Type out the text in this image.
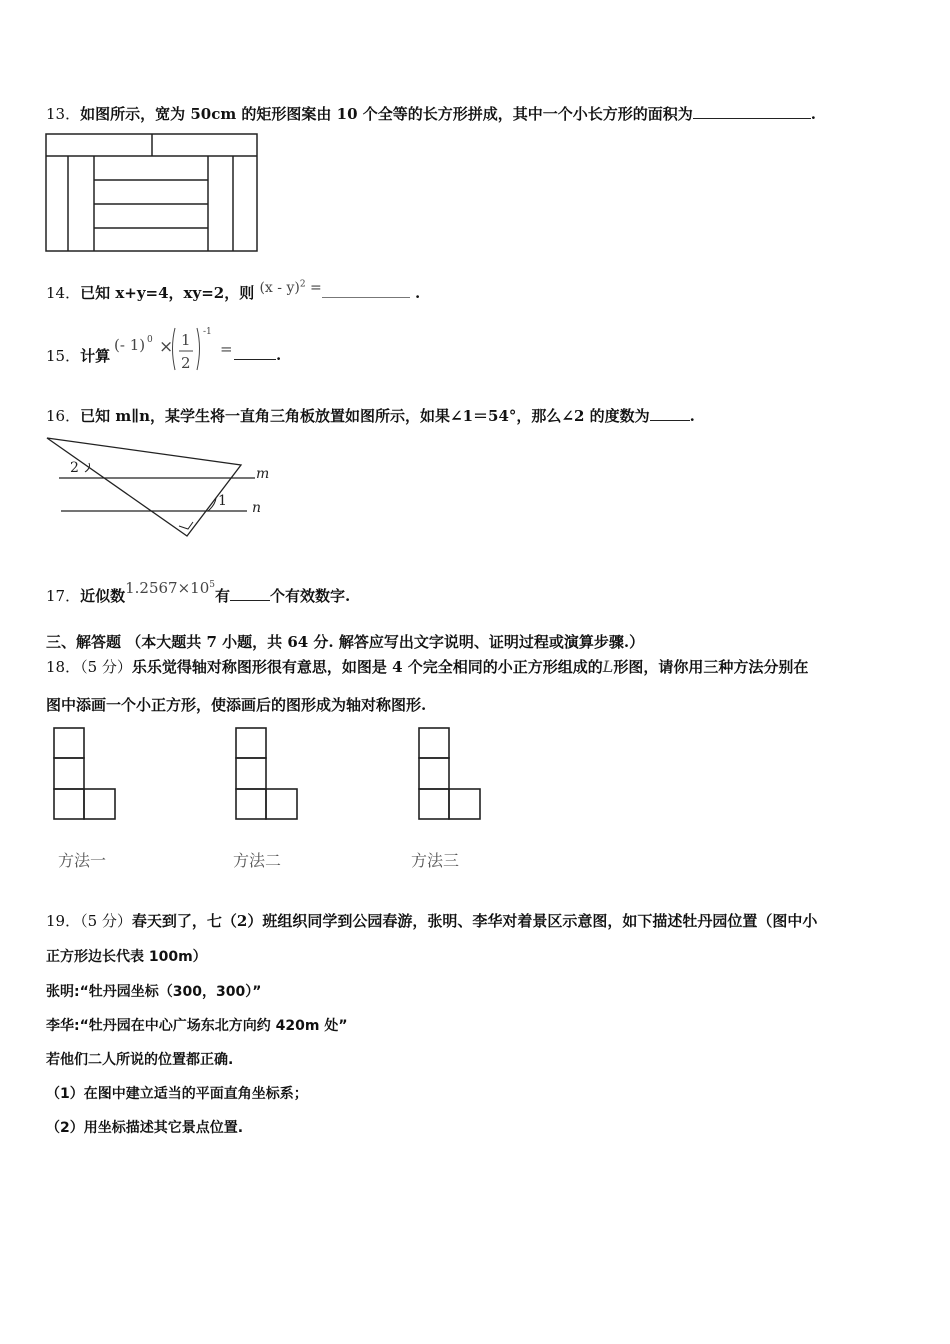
13．如图所示，宽为 50cm 的矩形图案由 10 个全等的长方形拼成，其中一个小长方形的面积为	.
14．已知 x+y=4，xy=2，则 (x - y)$^2$ =	.
15．计算
(- 1) 0 × 1
2
-1
=	.
16．已知 m∥n，某学生将一直角三角板放置如图所示，如果∠1＝54°，那么∠2 的度数为	.
2
1
m
n
17．近似数$1.2567\times 10^5$有	个有效数字.
三、解答题 （本大题共 7 小题，共 64 分. 解答应写出文字说明、证明过程或演算步骤.）
18．（5 分）乐乐觉得轴对称图形很有意思，如图是 4 个完全相同的小正方形组成的L形图，请你用三种方法分别在
图中添画一个小正方形，使添画后的图形成为轴对称图形.
方法一	方法二	方法三
19．（5 分）春天到了，七（2）班组织同学到公园春游，张明、李华对着景区示意图，如下描述牡丹园位置（图中小
正方形边长代表 100m）
张明:“牡丹园坐标（300，300）”
李华:“牡丹园在中心广场东北方向约 420m 处”
若他们二人所说的位置都正确.
（1）在图中建立适当的平面直角坐标系；
（2）用坐标描述其它景点位置.
